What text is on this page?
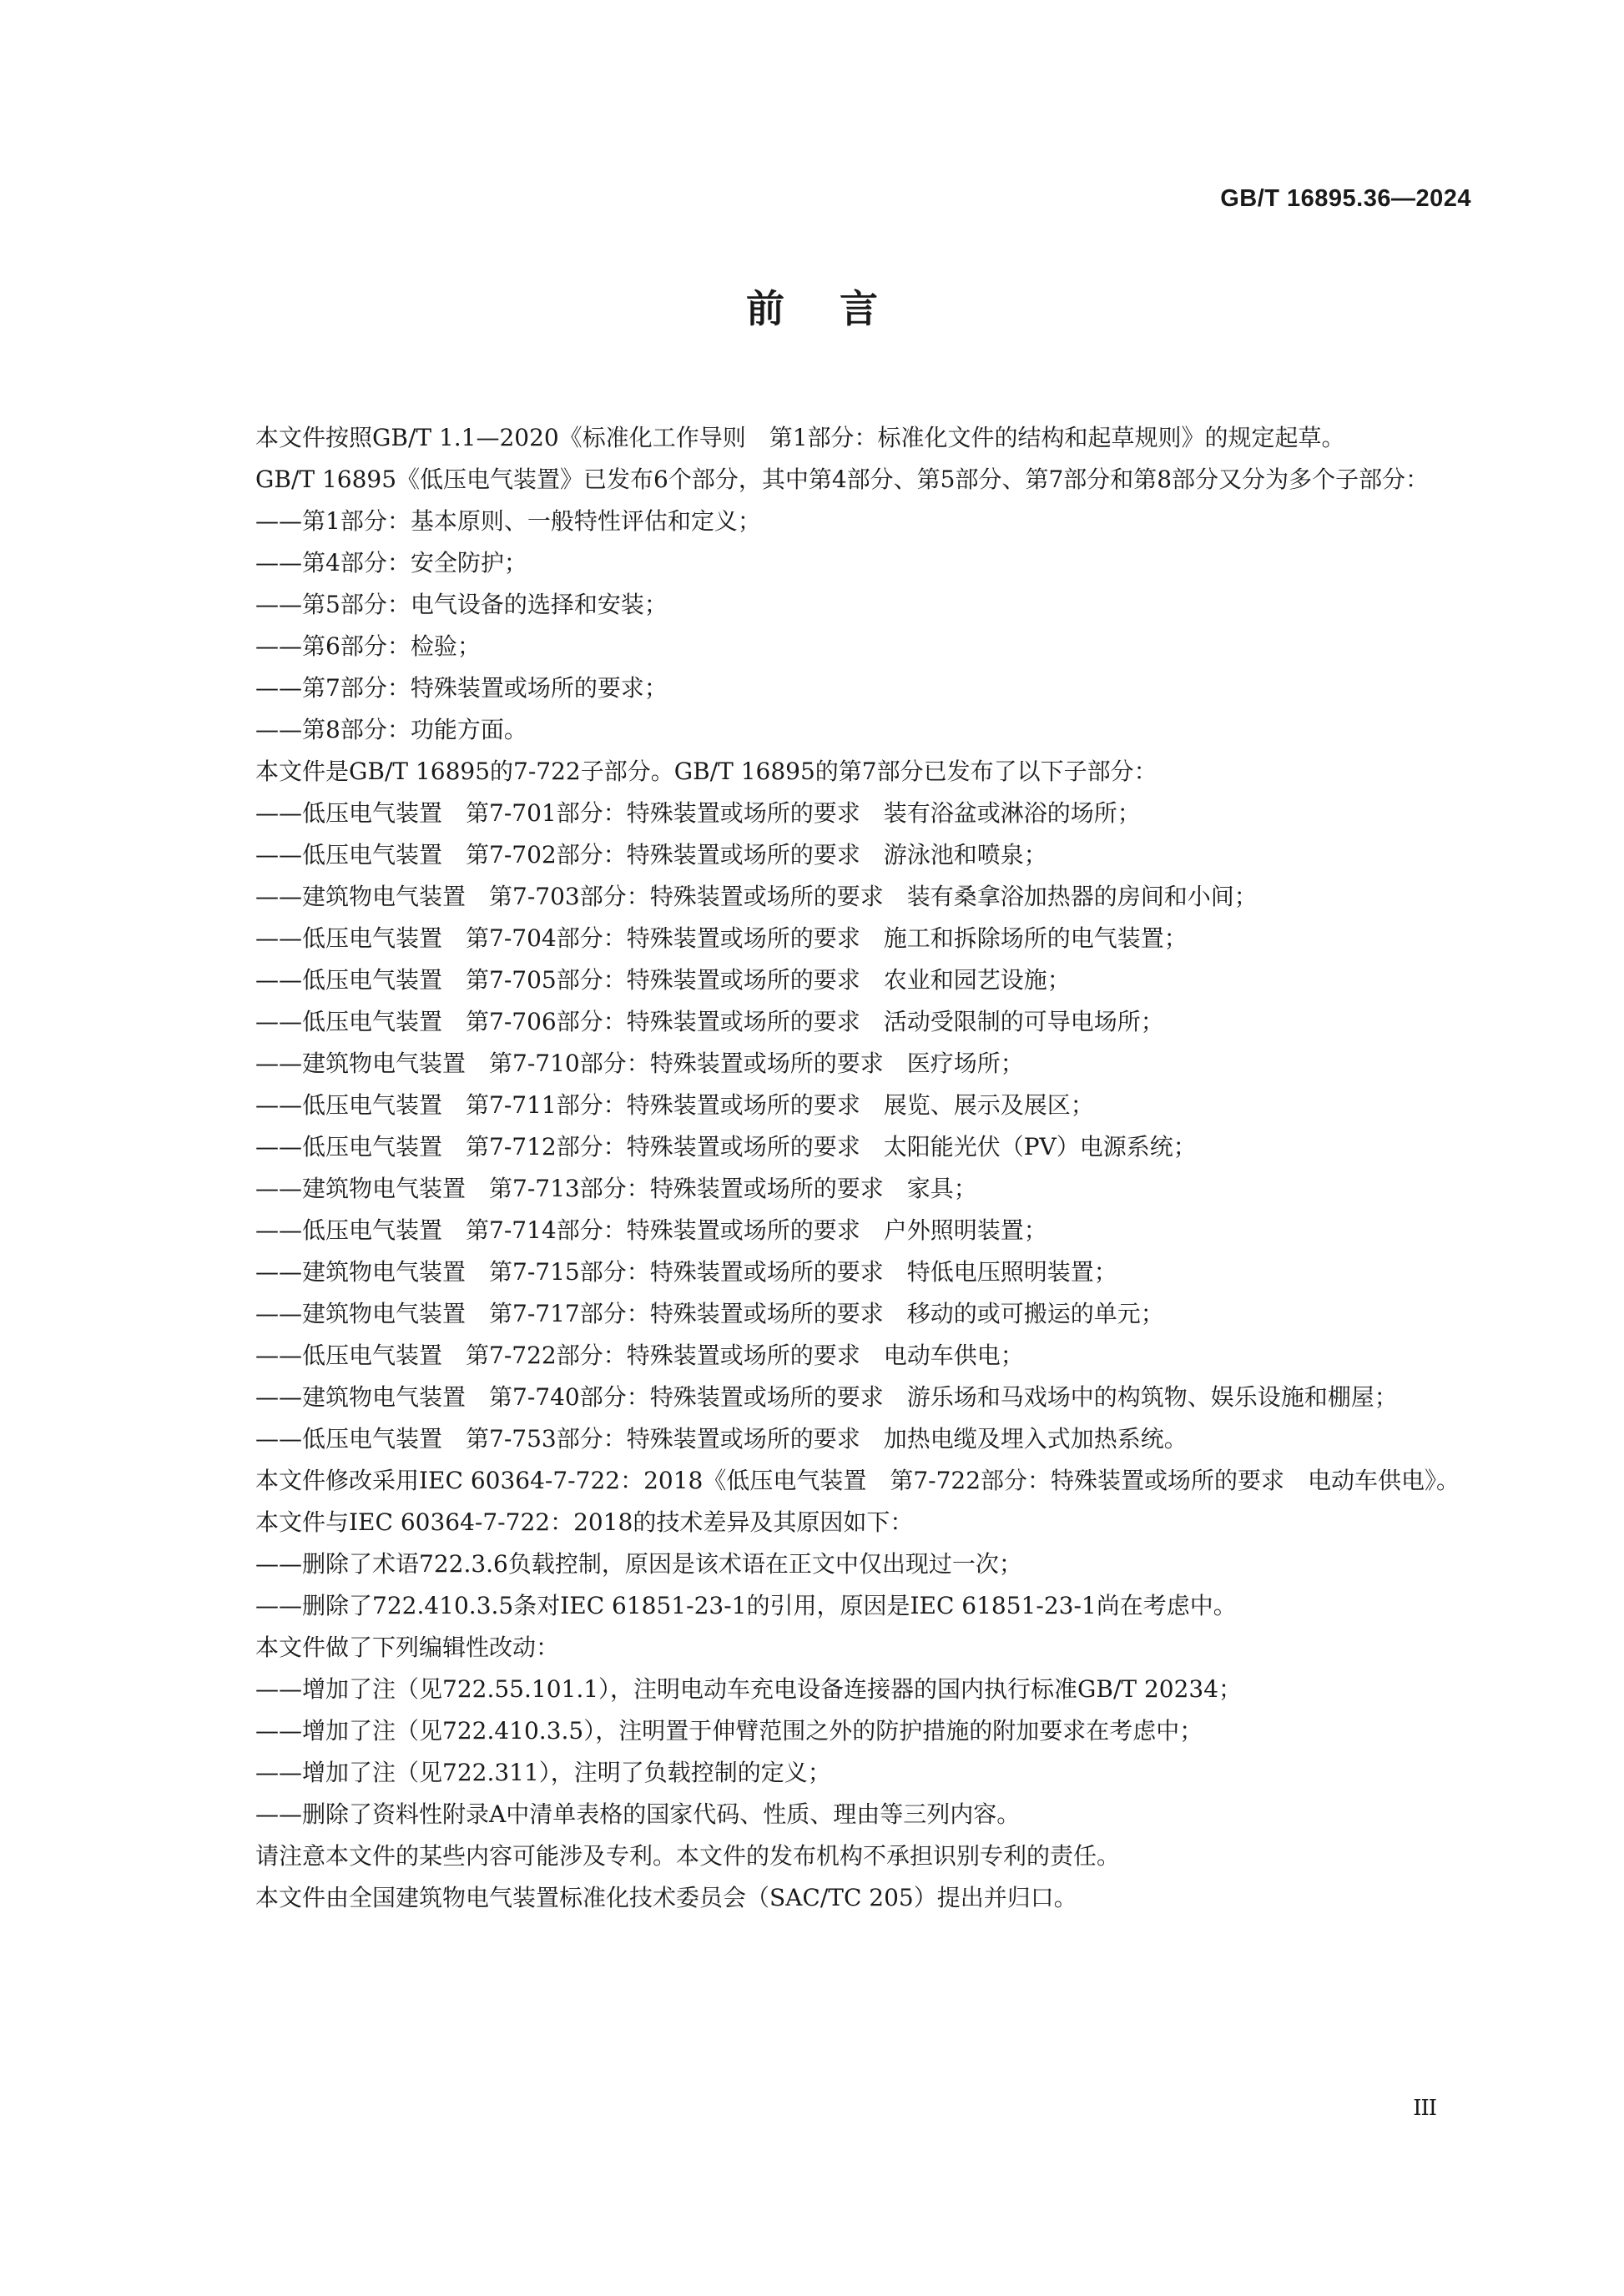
GB/T 16895.36—2024
前言

本文件按照GB/T 1.1—2020《标准化工作导则　第1部分：标准化文件的结构和起草规则》的规定起草。

GB/T 16895《低压电气装置》已发布6个部分，其中第4部分、第5部分、第7部分和第8部分又分为多个子部分：

——第1部分：基本原则、一般特性评估和定义；

——第4部分：安全防护；

——第5部分：电气设备的选择和安装；

——第6部分：检验；

——第7部分：特殊装置或场所的要求；

——第8部分：功能方面。

本文件是GB/T 16895的7-722子部分。GB/T 16895的第7部分已发布了以下子部分：

——低压电气装置　第7-701部分：特殊装置或场所的要求　装有浴盆或淋浴的场所；

——低压电气装置　第7-702部分：特殊装置或场所的要求　游泳池和喷泉；

——建筑物电气装置　第7-703部分：特殊装置或场所的要求　装有桑拿浴加热器的房间和小间；

——低压电气装置　第7-704部分：特殊装置或场所的要求　施工和拆除场所的电气装置；

——低压电气装置　第7-705部分：特殊装置或场所的要求　农业和园艺设施；

——低压电气装置　第7-706部分：特殊装置或场所的要求　活动受限制的可导电场所；

——建筑物电气装置　第7-710部分：特殊装置或场所的要求　医疗场所；

——低压电气装置　第7-711部分：特殊装置或场所的要求　展览、展示及展区；

——低压电气装置　第7-712部分：特殊装置或场所的要求　太阳能光伏（PV）电源系统；

——建筑物电气装置　第7-713部分：特殊装置或场所的要求　家具；

——低压电气装置　第7-714部分：特殊装置或场所的要求　户外照明装置；

——建筑物电气装置　第7-715部分：特殊装置或场所的要求　特低电压照明装置；

——建筑物电气装置　第7-717部分：特殊装置或场所的要求　移动的或可搬运的单元；

——低压电气装置　第7-722部分：特殊装置或场所的要求　电动车供电；

——建筑物电气装置　第7-740部分：特殊装置或场所的要求　游乐场和马戏场中的构筑物、娱乐设施和棚屋；

——低压电气装置　第7-753部分：特殊装置或场所的要求　加热电缆及埋入式加热系统。

本文件修改采用IEC 60364-7-722：2018《低压电气装置　第7-722部分：特殊装置或场所的要求　电动车供电》。

本文件与IEC 60364-7-722：2018的技术差异及其原因如下：

——删除了术语722.3.6负载控制，原因是该术语在正文中仅出现过一次；

——删除了722.410.3.5条对IEC 61851-23-1的引用，原因是IEC 61851-23-1尚在考虑中。

本文件做了下列编辑性改动：

——增加了注（见722.55.101.1），注明电动车充电设备连接器的国内执行标准GB/T 20234；

——增加了注（见722.410.3.5），注明置于伸臂范围之外的防护措施的附加要求在考虑中；

——增加了注（见722.311），注明了负载控制的定义；

——删除了资料性附录A中清单表格的国家代码、性质、理由等三列内容。

请注意本文件的某些内容可能涉及专利。本文件的发布机构不承担识别专利的责任。

本文件由全国建筑物电气装置标准化技术委员会（SAC/TC 205）提出并归口。

III
